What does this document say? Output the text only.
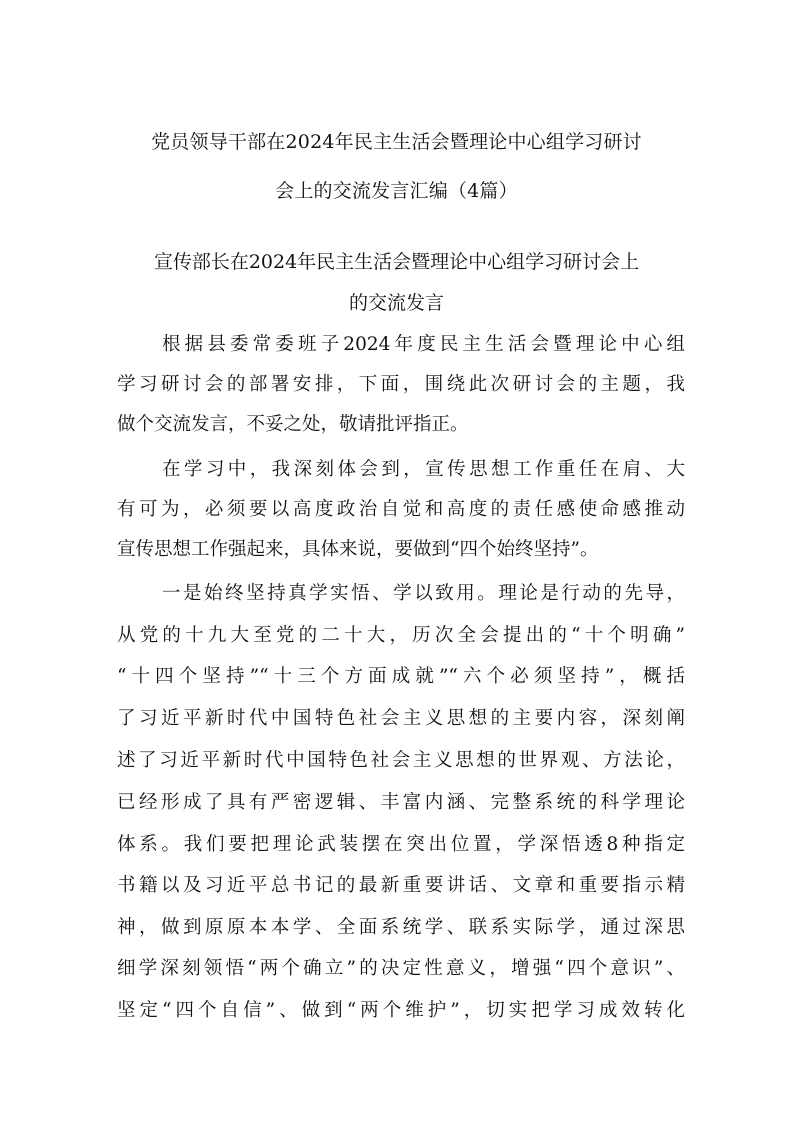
党员领导干部在2024年民主生活会暨理论中心组学习研讨
会上的交流发言汇编（4篇）
宣传部长在2024年民主生活会暨理论中心组学习研讨会上
的交流发言
根据县委常委班子2024年度民主生活会暨理论中心组
学习研讨会的部署安排，下面，围绕此次研讨会的主题，我
做个交流发言，不妥之处，敬请批评指正。
在学习中，我深刻体会到，宣传思想工作重任在肩、大
有可为，必须要以高度政治自觉和高度的责任感使命感推动
宣传思想工作强起来，具体来说，要做到“四个始终坚持”。
一是始终坚持真学实悟、学以致用。理论是行动的先导，
从党的十九大至党的二十大，历次全会提出的“十个明确”
“十四个坚持”“十三个方面成就”“六个必须坚持”，概括
了习近平新时代中国特色社会主义思想的主要内容，深刻阐
述了习近平新时代中国特色社会主义思想的世界观、方法论，
已经形成了具有严密逻辑、丰富内涵、完整系统的科学理论
体系。我们要把理论武装摆在突出位置，学深悟透8种指定
书籍以及习近平总书记的最新重要讲话、文章和重要指示精
神，做到原原本本学、全面系统学、联系实际学，通过深思
细学深刻领悟“两个确立”的决定性意义，增强“四个意识”、
坚定“四个自信”、做到“两个维护”，切实把学习成效转化
